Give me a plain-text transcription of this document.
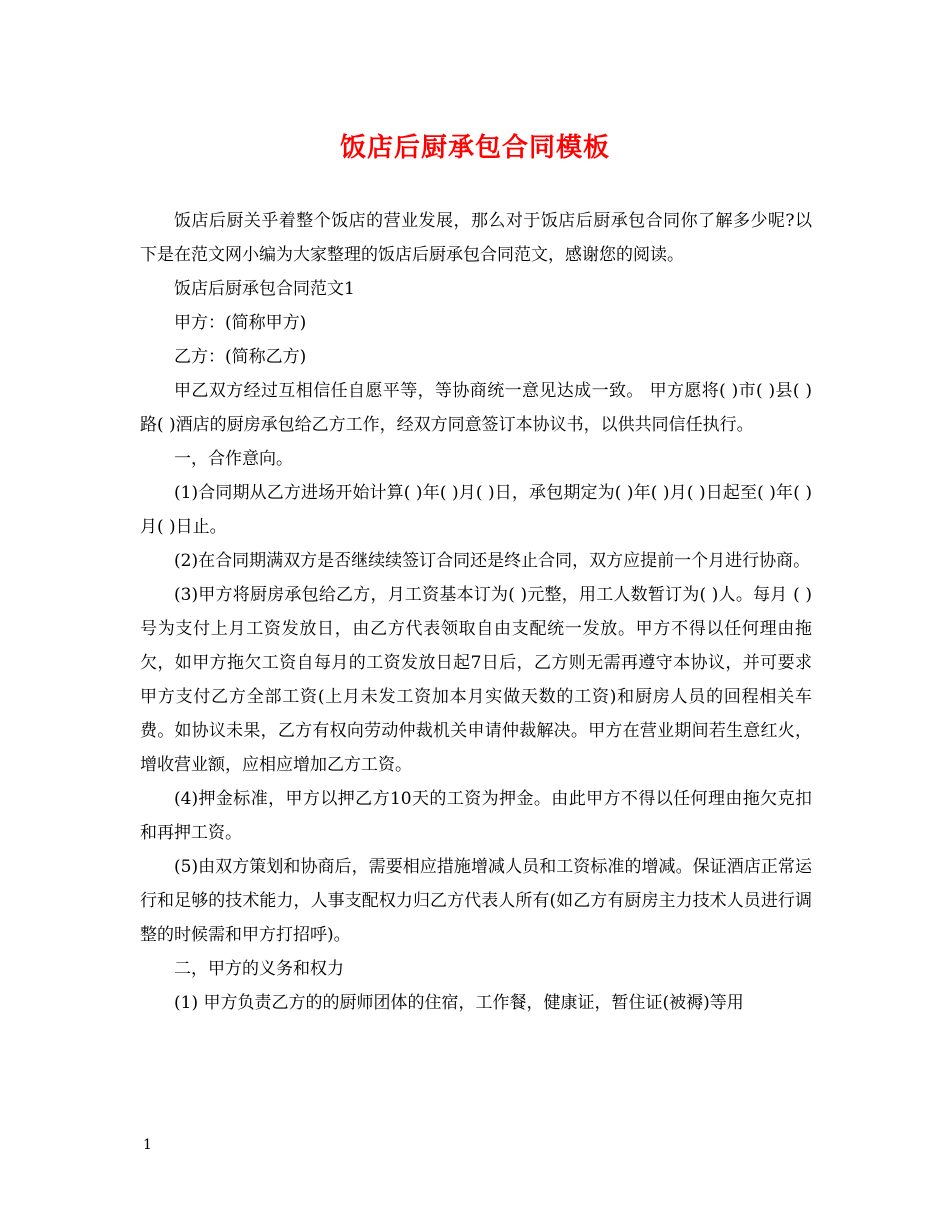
饭店后厨承包合同模板

饭店后厨关乎着整个饭店的营业发展，那么对于饭店后厨承包合同你了解多少呢?以下是在范文网小编为大家整理的饭店后厨承包合同范文，感谢您的阅读。

饭店后厨承包合同范文1

甲方：(简称甲方)

乙方：(简称乙方)

甲乙双方经过互相信任自愿平等，等协商统一意见达成一致。 甲方愿将( )市( )县( )路( )酒店的厨房承包给乙方工作，经双方同意签订本协议书，以供共同信任执行。

一，合作意向。

(1)合同期从乙方进场开始计算( )年( )月( )日，承包期定为( )年( )月( )日起至( )年( )月( )日止。

(2)在合同期满双方是否继续续签订合同还是终止合同，双方应提前一个月进行协商。

(3)甲方将厨房承包给乙方，月工资基本订为( )元整，用工人数暂订为( )人。每月 ( )号为支付上月工资发放日，由乙方代表领取自由支配统一发放。甲方不得以任何理由拖欠，如甲方拖欠工资自每月的工资发放日起7日后，乙方则无需再遵守本协议，并可要求甲方支付乙方全部工资(上月未发工资加本月实做天数的工资)和厨房人员的回程相关车费。如协议未果，乙方有权向劳动仲裁机关申请仲裁解决。甲方在营业期间若生意红火，增收营业额，应相应增加乙方工资。

(4)押金标准，甲方以押乙方10天的工资为押金。由此甲方不得以任何理由拖欠克扣和再押工资。

(5)由双方策划和协商后，需要相应措施增减人员和工资标准的增减。保证酒店正常运行和足够的技术能力，人事支配权力归乙方代表人所有(如乙方有厨房主力技术人员进行调整的时候需和甲方打招呼)。

二，甲方的义务和权力

(1) 甲方负责乙方的的厨师团体的住宿，工作餐，健康证，暂住证(被褥)等用

1
